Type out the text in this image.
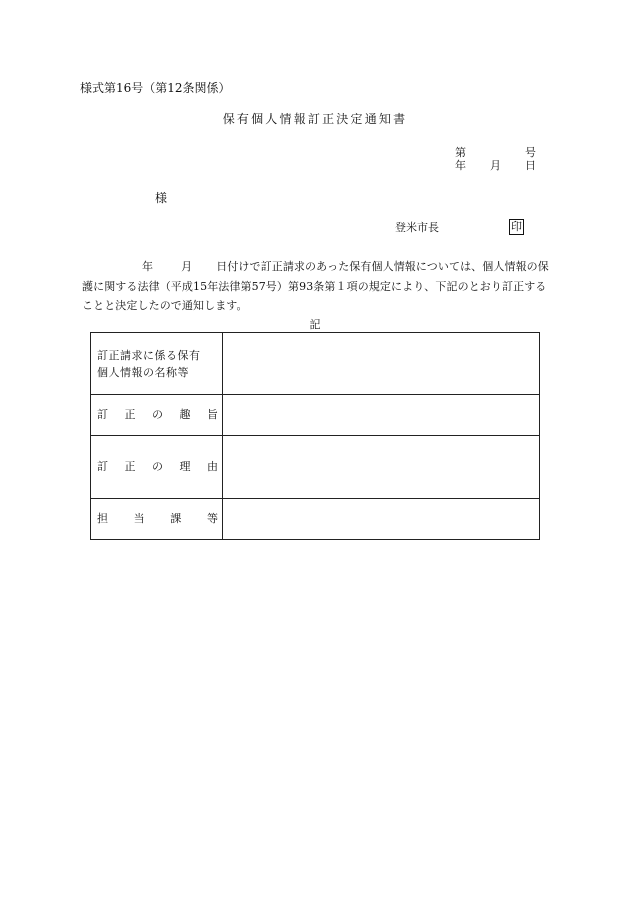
様式第16号（第12条関係）
保有個人情報訂正決定通知書
第	号
年 月 日
様
登米市長	印
年	月 日付けで訂正請求のあった保有個人情報については、個人情報の保護に関する法律（平成15年法律第57号）第93条第１項の規定により、下記のとおり訂正することと決定したので通知します。
記
訂正請求に係る保有
個人情報の名称等	

訂 正 の 趣 旨	

訂 正 の 理 由	

担 当 課 等	
